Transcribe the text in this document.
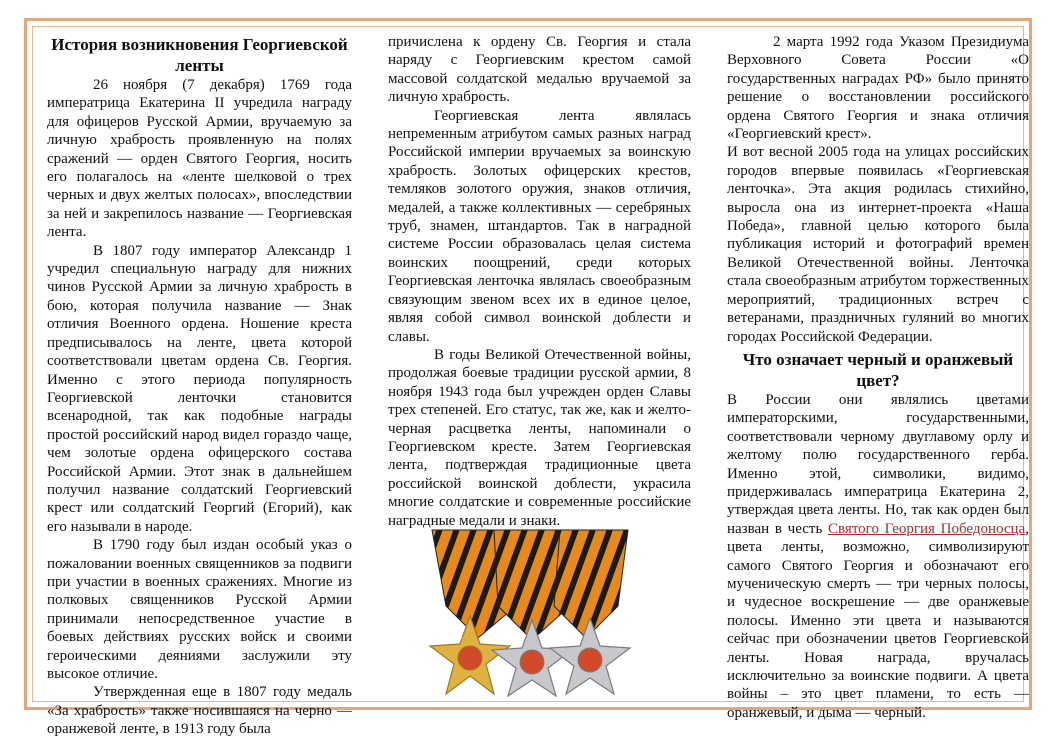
История возникновения Георгиевской ленты

26 ноября (7 декабря) 1769 года императрица Екатерина II учредила награду для офицеров Русской Армии, вручаемую за личную храбрость проявленную на полях сражений — орден Святого Георгия, носить его полагалось на «ленте шелковой о трех черных и двух желтых полосах», впоследствии за ней и закрепилось название — Георгиевская лента.

В 1807 году император Александр 1 учредил специальную награду для нижних чинов Русской Армии за личную храбрость в бою, которая получила название — Знак отличия Военного ордена. Ношение креста предписывалось на ленте, цвета которой соответствовали цветам ордена Св. Георгия. Именно с этого периода популярность Георгиевской ленточки становится всенародной, так как подобные награды простой российский народ видел гораздо чаще, чем золотые ордена офицерского состава Российской Армии. Этот знак в дальнейшем получил название солдатский Георгиевский крест или солдатский Георгий (Егорий), как его называли в народе.

В 1790 году был издан особый указ о пожаловании военных священников за подвиги при участии в военных сражениях. Многие из полковых священников Русской Армии принимали непосредственное участие в боевых действиях русских войск и своими героическими деяниями заслужили эту высокое отличие.

Утвержденная еще в 1807 году медаль «За храбрость» также носившаяся на черно — оранжевой ленте, в 1913 году была

причислена к ордену Св. Георгия и стала наряду с Георгиевским крестом самой массовой солдатской медалью вручаемой за личную храбрость.

Георгиевская лента являлась непременным атрибутом самых разных наград Российской империи вручаемых за воинскую храбрость. Золотых офицерских крестов, темляков золотого оружия, знаков отличия, медалей, а также коллективных — серебряных труб, знамен, штандартов. Так в наградной системе России образовалась целая система воинских поощрений, среди которых Георгиевская ленточка являлась своеобразным связующим звеном всех их в единое целое, являя собой символ воинской доблести и славы.

В годы Великой Отечественной войны, продолжая боевые традиции русской армии, 8 ноября 1943 года был учрежден орден Славы трех степеней. Его статус, так же, как и желто-черная расцветка ленты, напоминали о Георгиевском кресте. Затем Георгиевская лента, подтверждая традиционные цвета российской воинской доблести, украсила многие солдатские и современные российские наградные медали и знаки.

2 марта 1992 года Указом Президиума Верховного Совета России «О государственных наградах РФ» было принято решение о восстановлении российского ордена Святого Георгия и знака отличия «Георгиевский крест».

И вот весной 2005 года на улицах российских городов впервые появилась «Георгиевская ленточка». Эта акция родилась стихийно, выросла она из интернет-проекта «Наша Победа», главной целью которого была публикация историй и фотографий времен Великой Отечественной войны. Ленточка стала своеобразным атрибутом торжественных мероприятий, традиционных встреч с ветеранами, праздничных гуляний во многих городах Российской Федерации.

Что означает черный и оранжевый цвет?

В России они являлись цветами императорскими, государственными, соответствовали черному двуглавому орлу и желтому полю государственного герба. Именно этой, символики, видимо, придерживалась императрица Екатерина 2, утверждая цвета ленты. Но, так как орден был назван в честь Святого Георгия Победоносца, цвета ленты, возможно, символизируют самого Святого Георгия и обозначают его мученическую смерть — три черных полосы, и чудесное воскрешение — две оранжевые полосы. Именно эти цвета и называются сейчас при обозначении цветов Георгиевской ленты. Новая награда, вручалась исключительно за воинские подвиги. А цвета войны – это цвет пламени, то есть — оранжевый, и дыма — черный.
